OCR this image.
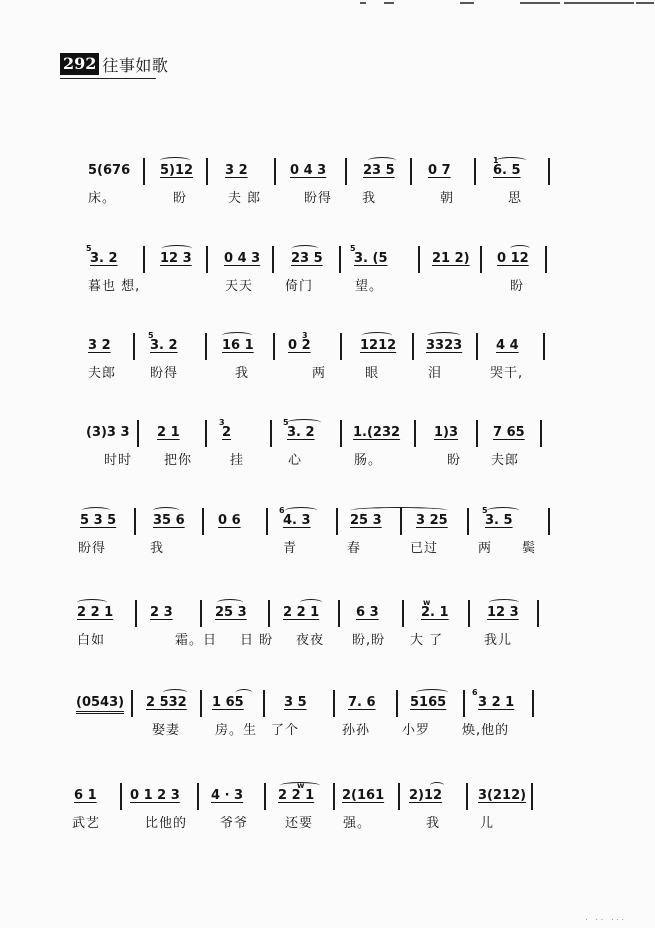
292 往事如歌
1
5(676 5)12 3 2	0 4 3	23 5	0 7	6. 5
床。	盼	夫 郎	盼得 我	朝	思
5	5
3. 2	12 3 0 4 3 23 5 3. (5	21 2) 0 12
暮也 想,	天天 倚门	望。	盼
5	3
3 2	3. 2	16 1	0 2	1212 3323	4 4
夫郎	盼得	我	两	眼	泪	哭干,
3	5
(3)3 3 2 1	2	3. 2	1.(232	1)3	7 65
时时 把你	挂	心	肠。	盼 夫郎
6	5
5 3 5	35 6	0 6	4. 3	25 3	3 25	3. 5
盼得	我	青	春	已过	两 鬓
w
2 2 1	2 3	25 3	2 2 1	6 3	2. 1	12 3
白如	霜。日 日 盼 夜夜 盼,盼 大 了	我儿
6
(0543) 2 532 1 65	3 5	7. 6	5165 3 2 1
娶妻	房。生 了个	孙孙 小罗 焕,他的
w
6 1	0 1 2 3 4 · 3	2 2 1 2(161 2)12	3(212)
武艺	比他的	爷爷	还要 强。	我	儿
. .. ...
